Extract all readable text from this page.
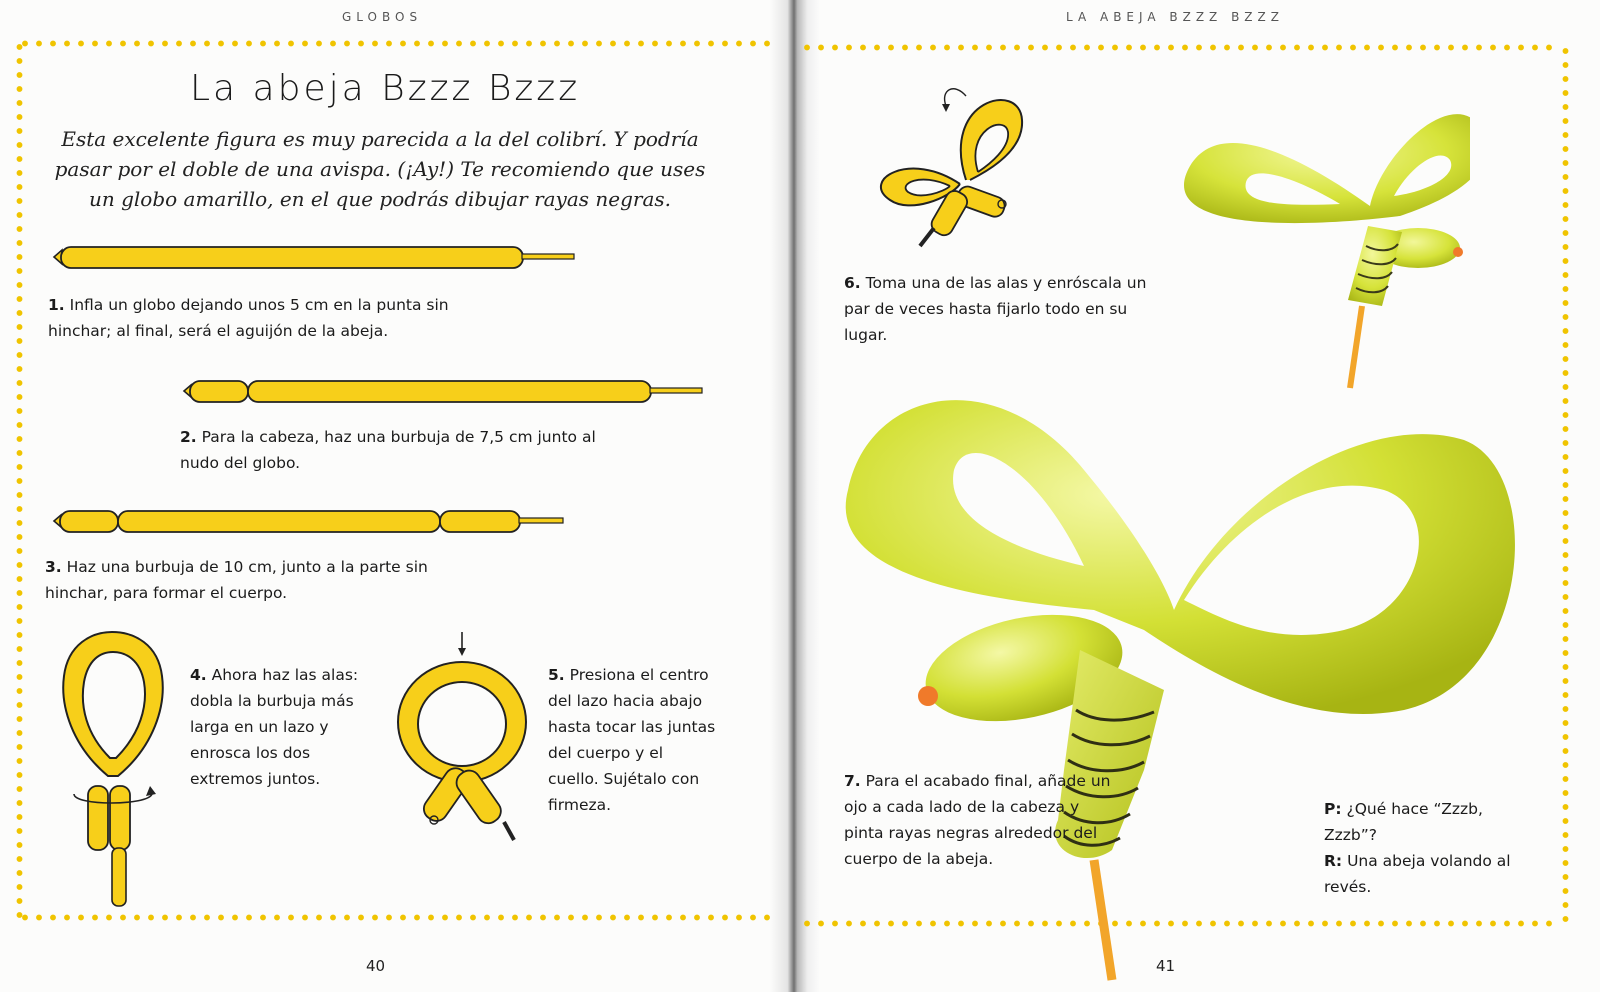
GLOBOS
La abeja Bzzz Bzzz
Esta excelente figura es muy parecida a la del colibrí. Y podría pasar por el doble de una avispa. (¡Ay!) Te recomiendo que uses un globo amarillo, en el que podrás dibujar rayas negras.
1. Infla un globo dejando unos 5 cm en la punta sin hinchar; al final, será el aguijón de la abeja.
2. Para la cabeza, haz una burbuja de 7,5 cm junto al nudo del globo.
3. Haz una burbuja de 10 cm, junto a la parte sin hinchar, para formar el cuerpo.
4. Ahora haz las alas: dobla la burbuja más larga en un lazo y enrosca los dos extremos juntos.
5. Presiona el centro del lazo hacia abajo hasta tocar las juntas del cuerpo y el cuello. Sujétalo con firmeza.
40
LA ABEJA BZZZ BZZZ
6. Toma una de las alas y enróscala un par de veces hasta fijarlo todo en su lugar.
7. Para el acabado final, añade un ojo a cada lado de la cabeza y pinta rayas negras alrededor del cuerpo de la abeja.
P: ¿Qué hace “Zzzb, Zzzb”?
R: Una abeja volando al revés.
41
